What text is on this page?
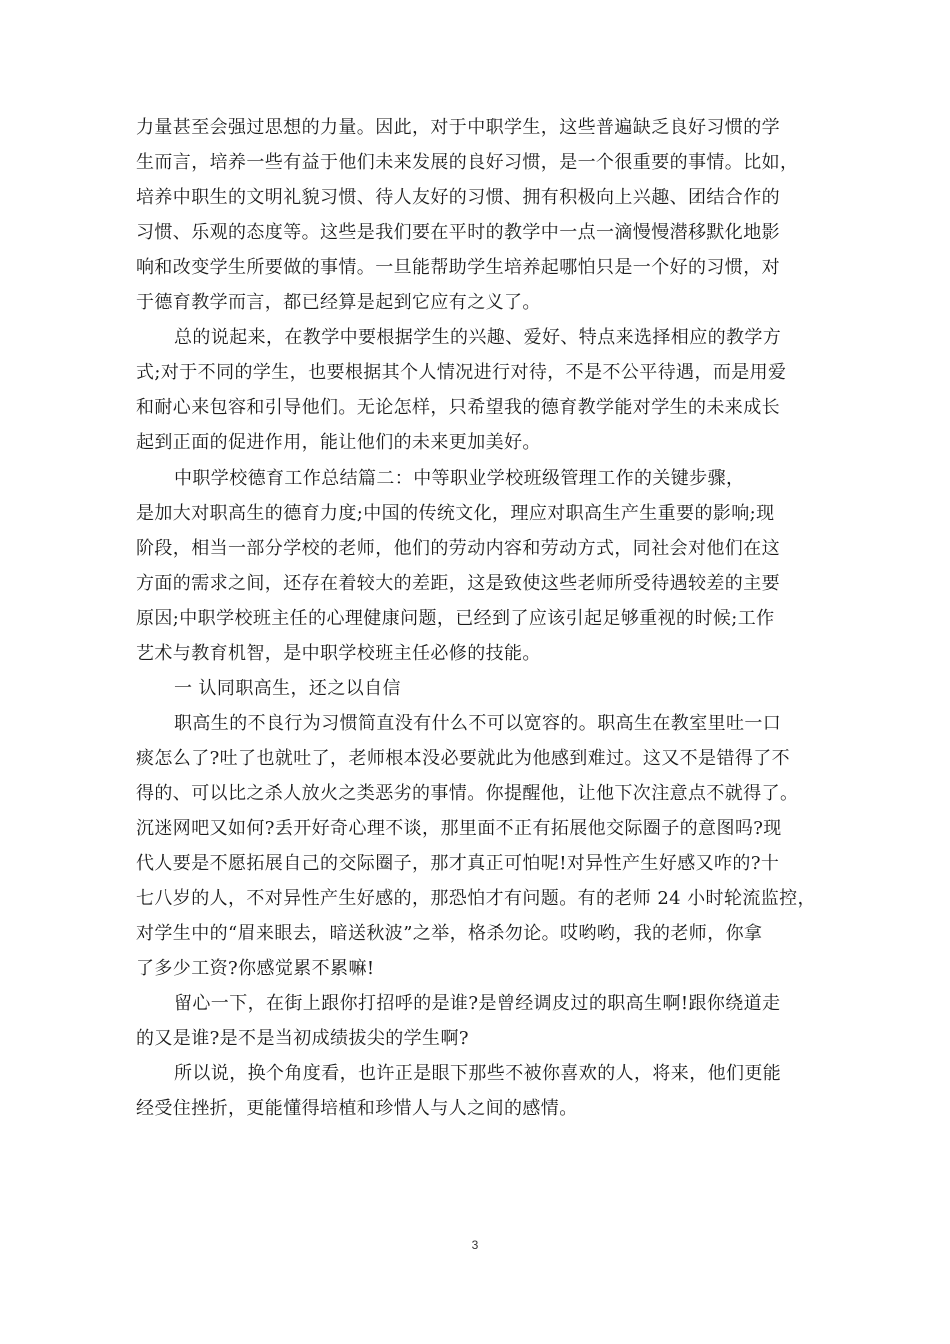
力量甚至会强过思想的力量。因此，对于中职学生，这些普遍缺乏良好习惯的学
生而言，培养一些有益于他们未来发展的良好习惯，是一个很重要的事情。比如，
培养中职生的文明礼貌习惯、待人友好的习惯、拥有积极向上兴趣、团结合作的
习惯、乐观的态度等。这些是我们要在平时的教学中一点一滴慢慢潜移默化地影
响和改变学生所要做的事情。一旦能帮助学生培养起哪怕只是一个好的习惯，对
于德育教学而言，都已经算是起到它应有之义了。
总的说起来，在教学中要根据学生的兴趣、爱好、特点来选择相应的教学方
式;对于不同的学生，也要根据其个人情况进行对待，不是不公平待遇，而是用爱
和耐心来包容和引导他们。无论怎样，只希望我的德育教学能对学生的未来成长
起到正面的促进作用，能让他们的未来更加美好。
中职学校德育工作总结篇二：中等职业学校班级管理工作的关键步骤，
是加大对职高生的德育力度;中国的传统文化，理应对职高生产生重要的影响;现
阶段，相当一部分学校的老师，他们的劳动内容和劳动方式，同社会对他们在这
方面的需求之间，还存在着较大的差距，这是致使这些老师所受待遇较差的主要
原因;中职学校班主任的心理健康问题，已经到了应该引起足够重视的时候;工作
艺术与教育机智，是中职学校班主任必修的技能。
一 认同职高生，还之以自信
职高生的不良行为习惯简直没有什么不可以宽容的。职高生在教室里吐一口
痰怎么了?吐了也就吐了，老师根本没必要就此为他感到难过。这又不是错得了不
得的、可以比之杀人放火之类恶劣的事情。你提醒他，让他下次注意点不就得了。
沉迷网吧又如何?丢开好奇心理不谈，那里面不正有拓展他交际圈子的意图吗?现
代人要是不愿拓展自己的交际圈子，那才真正可怕呢!对异性产生好感又咋的?十
七八岁的人，不对异性产生好感的，那恐怕才有问题。有的老师 24 小时轮流监控，
对学生中的“眉来眼去，暗送秋波”之举，格杀勿论。哎哟哟，我的老师，你拿
了多少工资?你感觉累不累嘛!
留心一下，在街上跟你打招呼的是谁?是曾经调皮过的职高生啊!跟你绕道走
的又是谁?是不是当初成绩拔尖的学生啊?
所以说，换个角度看，也许正是眼下那些不被你喜欢的人，将来，他们更能
经受住挫折，更能懂得培植和珍惜人与人之间的感情。
3
